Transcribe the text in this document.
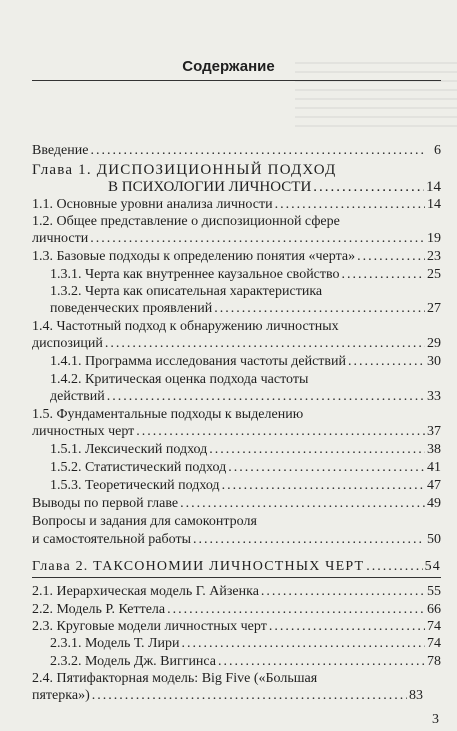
Содержание
Введение .....	6
Глава 1. ДИСПОЗИЦИОННЫЙ ПОДХОД
В ПСИХОЛОГИИ ЛИЧНОСТИ .....	14
1.1. Основные уровни анализа личности .....	14
1.2. Общее представление о диспозиционной сфере
личности .....	19
1.3. Базовые подходы к определению понятия «черта» .....	23
1.3.1. Черта как внутреннее каузальное свойство .....	25
1.3.2. Черта как описательная характеристика
поведенческих проявлений .....	27
1.4. Частотный подход к обнаружению личностных
диспозиций .....	29
1.4.1. Программа исследования частоты действий .....	30
1.4.2. Критическая оценка подхода частоты
действий .....	33
1.5. Фундаментальные подходы к выделению
личностных черт .....	37
1.5.1. Лексический подход .....	38
1.5.2. Статистический подход .....	41
1.5.3. Теоретический подход .....	47
Выводы по первой главе .....	49
Вопросы и задания для самоконтроля
и самостоятельной работы .....	50
Глава 2. ТАКСОНОМИИ ЛИЧНОСТНЫХ ЧЕРТ .....	54
2.1. Иерархическая модель Г. Айзенка .....	55
2.2. Модель Р. Кеттела .....	66
2.3. Круговые модели личностных черт .....	74
2.3.1. Модель Т. Лири .....	74
2.3.2. Модель Дж. Виггинса .....	78
2.4. Пятифакторная модель: Big Five («Большая
пятерка») .....	83
3
